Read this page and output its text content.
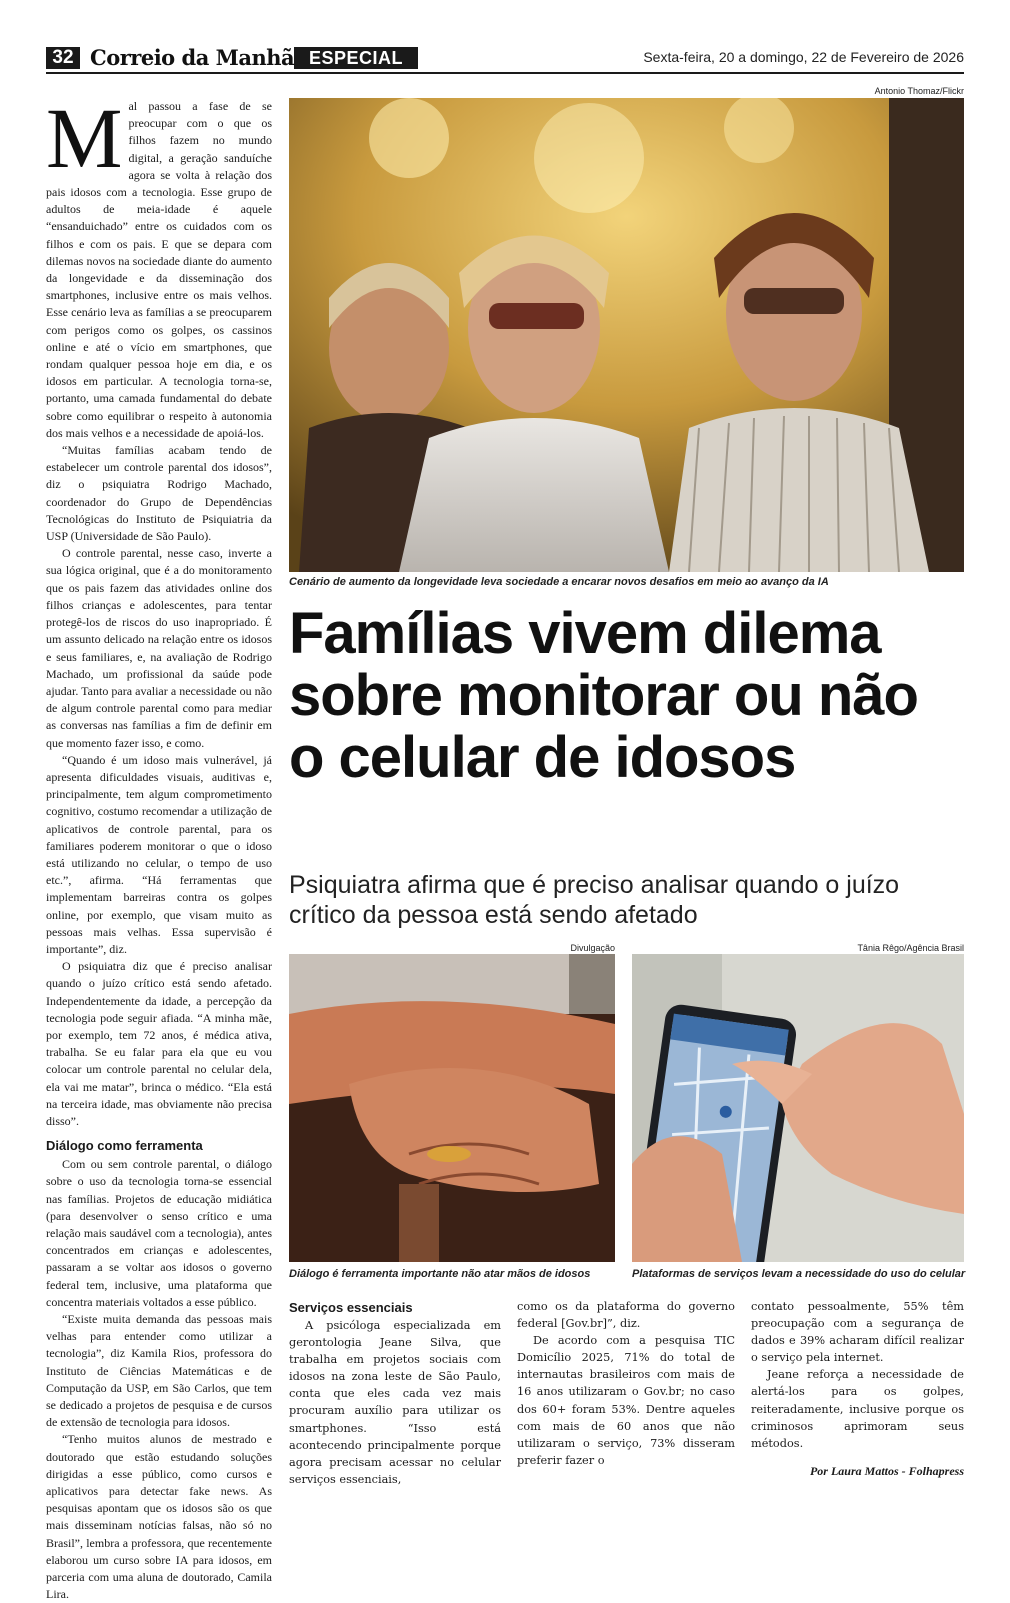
32 Correio da Manhã ESPECIAL	Sexta-feira, 20 a domingo, 22 de Fevereiro de 2026

Mal passou a fase de se preocupar com o que os filhos fazem no mundo digital, a geração sanduíche agora se volta à relação dos pais idosos com a tecnologia. Esse grupo de adultos de meia-idade é aquele “ensanduichado” entre os cuidados com os filhos e com os pais. E que se depara com dilemas novos na sociedade diante do aumento da longevidade e da disseminação dos smartphones, inclusive entre os mais velhos. Esse cenário leva as famílias a se preocuparem com perigos como os golpes, os cassinos online e até o vício em smartphones, que rondam qualquer pessoa hoje em dia, e os idosos em particular. A tecnologia torna-se, portanto, uma camada fundamental do debate sobre como equilibrar o respeito à autonomia dos mais velhos e a necessidade de apoiá-los.

“Muitas famílias acabam tendo de estabelecer um controle parental dos idosos”, diz o psiquiatra Rodrigo Machado, coordenador do Grupo de Dependências Tecnológicas do Instituto de Psiquiatria da USP (Universidade de São Paulo).

O controle parental, nesse caso, inverte a sua lógica original, que é a do monitoramento que os pais fazem das atividades online dos filhos crianças e adolescentes, para tentar protegê-los de riscos do uso inapropriado. É um assunto delicado na relação entre os idosos e seus familiares, e, na avaliação de Rodrigo Machado, um profissional da saúde pode ajudar. Tanto para avaliar a necessidade ou não de algum controle parental como para mediar as conversas nas famílias a fim de definir em que momento fazer isso, e como.

“Quando é um idoso mais vulnerável, já apresenta dificuldades visuais, auditivas e, principalmente, tem algum comprometimento cognitivo, costumo recomendar a utilização de aplicativos de controle parental, para os familiares poderem monitorar o que o idoso está utilizando no celular, o tempo de uso etc.”, afirma. “Há ferramentas que implementam barreiras contra os golpes online, por exemplo, que visam muito as pessoas mais velhas. Essa supervisão é importante”, diz.

O psiquiatra diz que é preciso analisar quando o juízo crítico está sendo afetado. Independentemente da idade, a percepção da tecnologia pode seguir afiada. “A minha mãe, por exemplo, tem 72 anos, é médica ativa, trabalha. Se eu falar para ela que eu vou colocar um controle parental no celular dela, ela vai me matar”, brinca o médico. “Ela está na terceira idade, mas obviamente não precisa disso”.

Diálogo como ferramenta

Com ou sem controle parental, o diálogo sobre o uso da tecnologia torna-se essencial nas famílias. Projetos de educação midiática (para desenvolver o senso crítico e uma relação mais saudável com a tecnologia), antes concentrados em crianças e adolescentes, passaram a se voltar aos idosos o governo federal tem, inclusive, uma plataforma que concentra materiais voltados a esse público.

“Existe muita demanda das pessoas mais velhas para entender como utilizar a tecnologia”, diz Kamila Rios, professora do Instituto de Ciências Matemáticas e de Computação da USP, em São Carlos, que tem se dedicado a projetos de pesquisa e de cursos de extensão de tecnologia para idosos.

“Tenho muitos alunos de mestrado e doutorado que estão estudando soluções dirigidas a esse público, como cursos e aplicativos para detectar fake news. As pesquisas apontam que os idosos são os que mais disseminam notícias falsas, não só no Brasil”, lembra a professora, que recentemente elaborou um curso sobre IA para idosos, em parceria com uma aluna de doutorado, Camila Lira.

Antonio Thomaz/Flickr
Cenário de aumento da longevidade leva sociedade a encarar novos desafios em meio ao avanço da IA
Famílias vivem dilema sobre monitorar ou não o celular de idosos
Psiquiatra afirma que é preciso analisar quando o juízo crítico da pessoa está sendo afetado
Divulgação	Tânia Rêgo/Agência Brasil
Diálogo é ferramenta importante não atar mãos de idosos	Plataformas de serviços levam a necessidade do uso do celular
Serviços essenciais

A psicóloga especializada em gerontologia Jeane Silva, que trabalha em projetos sociais com idosos na zona leste de São Paulo, conta que eles cada vez mais procuram auxílio para utilizar os smartphones. “Isso está acontecendo principalmente porque agora precisam acessar no celular serviços essenciais,

como os da plataforma do governo federal [Gov.br]”, diz.

De acordo com a pesquisa TIC Domicílio 2025, 71% do total de internautas brasileiros com mais de 16 anos utilizaram o Gov.br; no caso dos 60+ foram 53%. Dentre aqueles com mais de 60 anos que não utilizaram o serviço, 73% disseram preferir fazer o

contato pessoalmente, 55% têm preocupação com a segurança de dados e 39% acharam difícil realizar o serviço pela internet.

Jeane reforça a necessidade de alertá-los para os golpes, reiteradamente, inclusive porque os criminosos aprimoram seus métodos.

Por Laura Mattos - Folhapress
